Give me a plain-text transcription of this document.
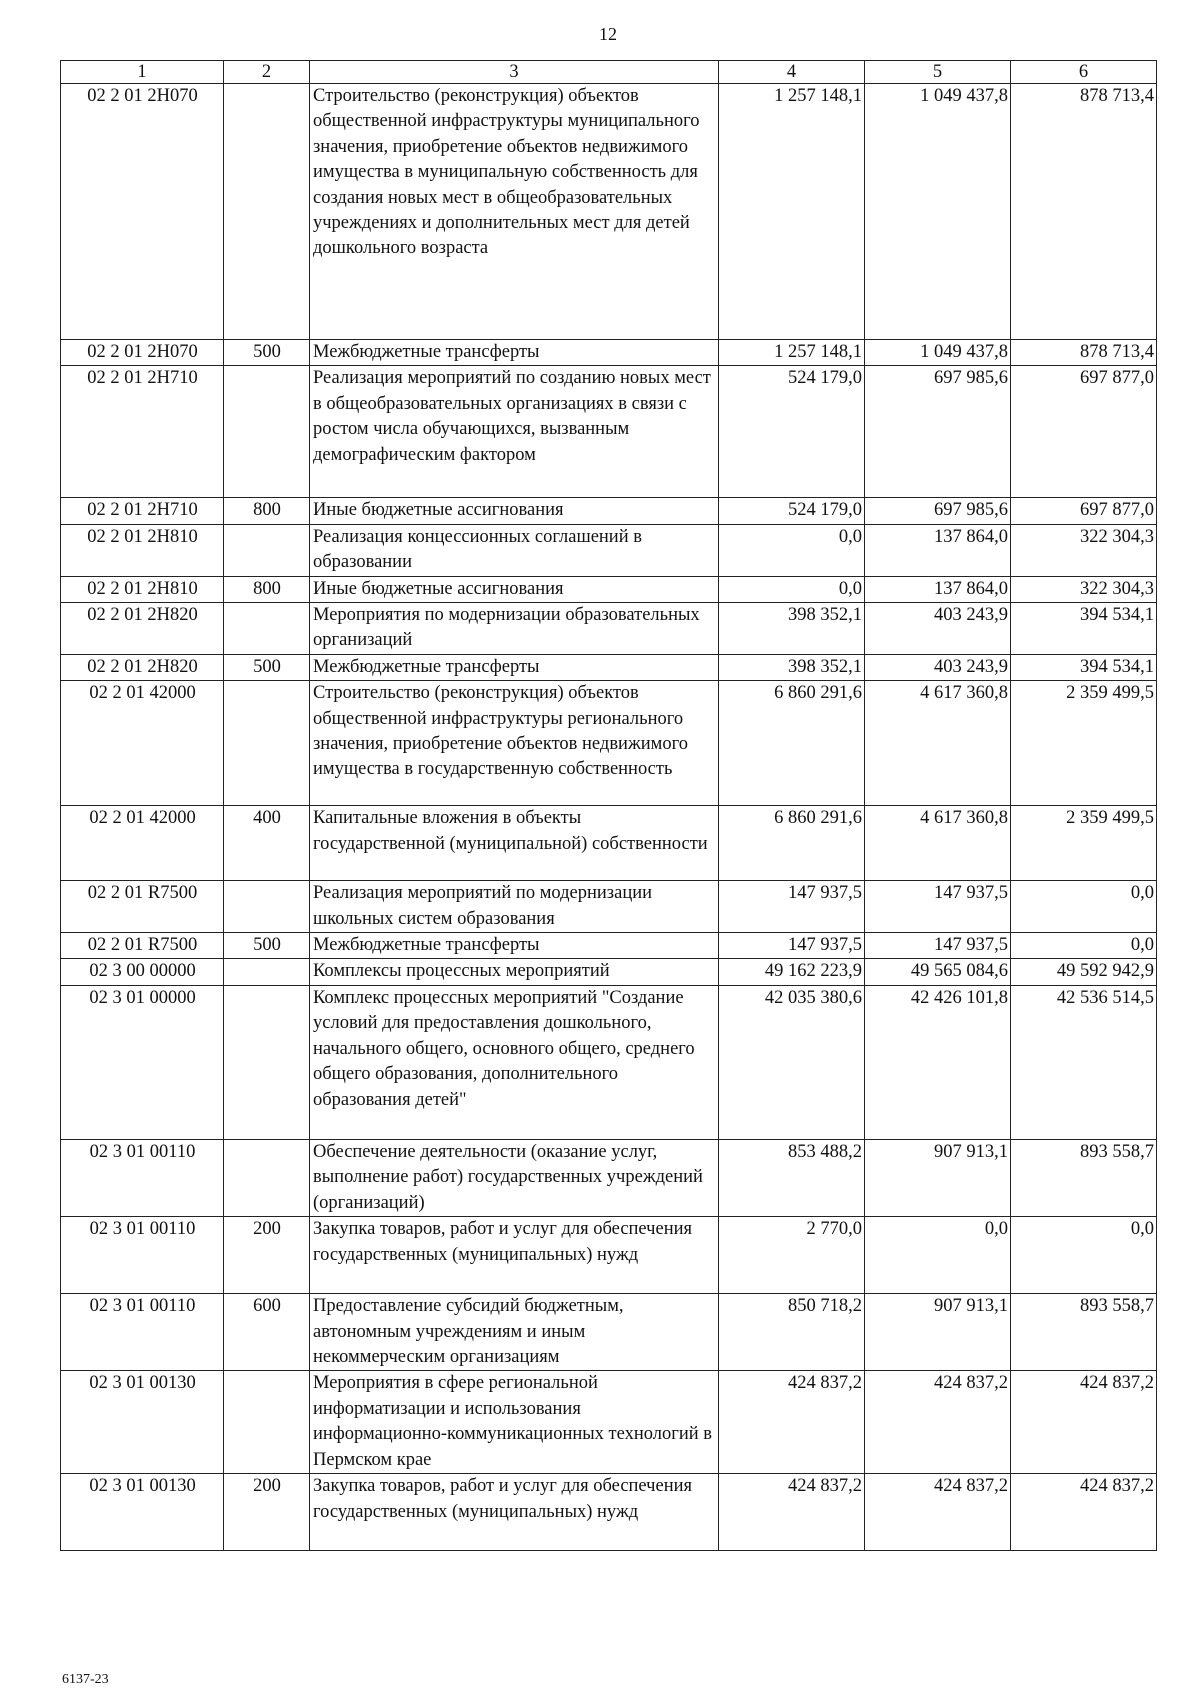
12
1	2	3	4	5	6
02 2 01 2Н070		Строительство (реконструкция) объектов общественной инфраструктуры муниципального значения, приобретение объектов недвижимого имущества в муниципальную собственность для создания новых мест в общеобразовательных учреждениях и дополнительных мест для детей дошкольного возраста	1 257 148,1	1 049 437,8	878 713,4
02 2 01 2Н070	500	Межбюджетные трансферты	1 257 148,1	1 049 437,8	878 713,4
02 2 01 2Н710		Реализация мероприятий по созданию новых мест в общеобразовательных организациях в связи с ростом числа обучающихся, вызванным демографическим фактором	524 179,0	697 985,6	697 877,0
02 2 01 2Н710	800	Иные бюджетные ассигнования	524 179,0	697 985,6	697 877,0
02 2 01 2Н810		Реализация концессионных соглашений в образовании	0,0	137 864,0	322 304,3
02 2 01 2Н810	800	Иные бюджетные ассигнования	0,0	137 864,0	322 304,3
02 2 01 2Н820		Мероприятия по модернизации образовательных организаций	398 352,1	403 243,9	394 534,1
02 2 01 2Н820	500	Межбюджетные трансферты	398 352,1	403 243,9	394 534,1
02 2 01 42000		Строительство (реконструкция) объектов общественной инфраструктуры регионального значения, приобретение объектов недвижимого имущества в государственную собственность	6 860 291,6	4 617 360,8	2 359 499,5
02 2 01 42000	400	Капитальные вложения в объекты государственной (муниципальной) собственности	6 860 291,6	4 617 360,8	2 359 499,5
02 2 01 R7500		Реализация мероприятий по модернизации школьных систем образования	147 937,5	147 937,5	0,0
02 2 01 R7500	500	Межбюджетные трансферты	147 937,5	147 937,5	0,0
02 3 00 00000		Комплексы процессных мероприятий	49 162 223,9	49 565 084,6	49 592 942,9
02 3 01 00000		Комплекс процессных мероприятий "Создание условий для предоставления дошкольного, начального общего, основного общего, среднего общего образования, дополнительного образования детей"	42 035 380,6	42 426 101,8	42 536 514,5
02 3 01 00110		Обеспечение деятельности (оказание услуг, выполнение работ) государственных учреждений (организаций)	853 488,2	907 913,1	893 558,7
02 3 01 00110	200	Закупка товаров, работ и услуг для обеспечения государственных (муниципальных) нужд	2 770,0	0,0	0,0
02 3 01 00110	600	Предоставление субсидий бюджетным, автономным учреждениям и иным некоммерческим организациям	850 718,2	907 913,1	893 558,7
02 3 01 00130		Мероприятия в сфере региональной информатизации и использования информационно-коммуникационных технологий в Пермском крае	424 837,2	424 837,2	424 837,2
02 3 01 00130	200	Закупка товаров, работ и услуг для обеспечения государственных (муниципальных) нужд	424 837,2	424 837,2	424 837,2
6137-23
